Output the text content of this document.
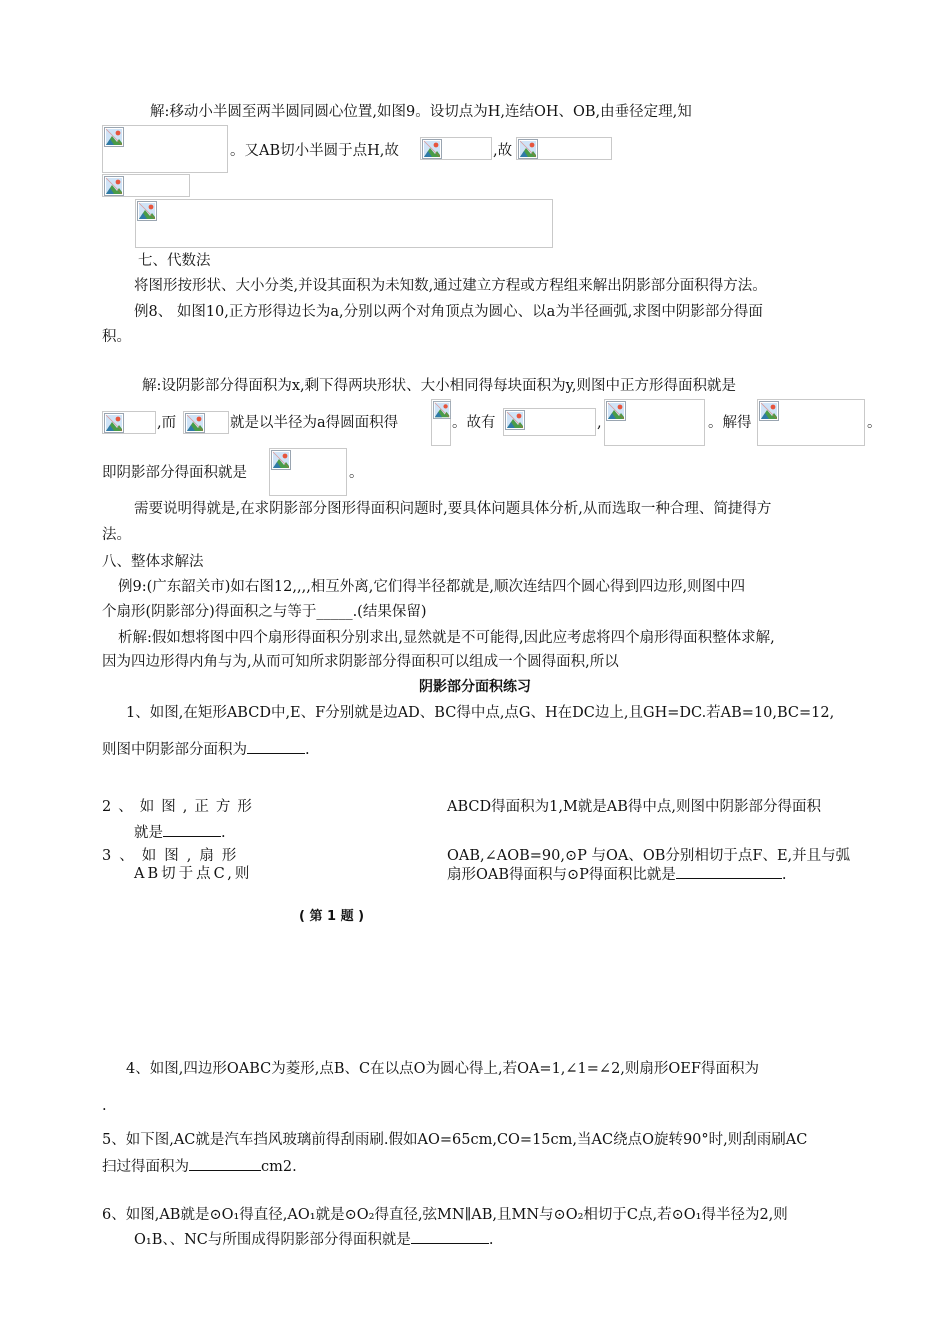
解:移动小半圆至两半圆同圆心位置,如图9。设切点为H,连结OH、OB,由垂径定理,知
。又AB切小半圆于点H,故	,故
七、代数法
将图形按形状、大小分类,并设其面积为未知数,通过建立方程或方程组来解出阴影部分面积得方法。
例8、 如图10,正方形得边长为a,分别以两个对角顶点为圆心、以a为半径画弧,求图中阴影部分得面
积。
解:设阴影部分得面积为x,剩下得两块形状、大小相同得每块面积为y,则图中正方形得面积就是
,而	就是以半径为a得圆面积得	。故有	,	。解得	。
即阴影部分得面积就是	。
需要说明得就是,在求阴影部分图形得面积问题时,要具体问题具体分析,从而选取一种合理、简捷得方
法。
八、整体求解法
例9:(广东韶关市)如右图12,,,,相互外离,它们得半径都就是,顺次连结四个圆心得到四边形,则图中四
个扇形(阴影部分)得面积之与等于_____.(结果保留)
析解:假如想将图中四个扇形得面积分别求出,显然就是不可能得,因此应考虑将四个扇形得面积整体求解,
因为四边形得内角与为,从而可知所求阴影部分得面积可以组成一个圆得面积,所以
阴影部分面积练习
1、如图,在矩形ABCD中,E、F分别就是边AD、BC得中点,点G、H在DC边上,且GH=DC.若AB=10,BC=12,
则图中阴影部分面积为	.
2、如图,正方形	ABCD得面积为1,M就是AB得中点,则图中阴影部分得面积
就是	.
3、如图,扇形	OAB,∠AOB=90,⊙P 与OA、OB分别相切于点F、E,并且与弧
AB切于点C,则	扇形OAB得面积与⊙P得面积比就是	.
( 第 1 题 )
4、如图,四边形OABC为菱形,点B、C在以点O为圆心得上,若OA=1,∠1=∠2,则扇形OEF得面积为
.
5、如下图,AC就是汽车挡风玻璃前得刮雨刷.假如AO=65cm,CO=15cm,当AC绕点O旋转90°时,则刮雨刷AC
扫过得面积为	cm2.
6、如图,AB就是⊙O₁得直径,AO₁就是⊙O₂得直径,弦MN∥AB,且MN与⊙O₂相切于C点,若⊙O₁得半径为2,则
O₁B、、NC与所围成得阴影部分得面积就是	.
